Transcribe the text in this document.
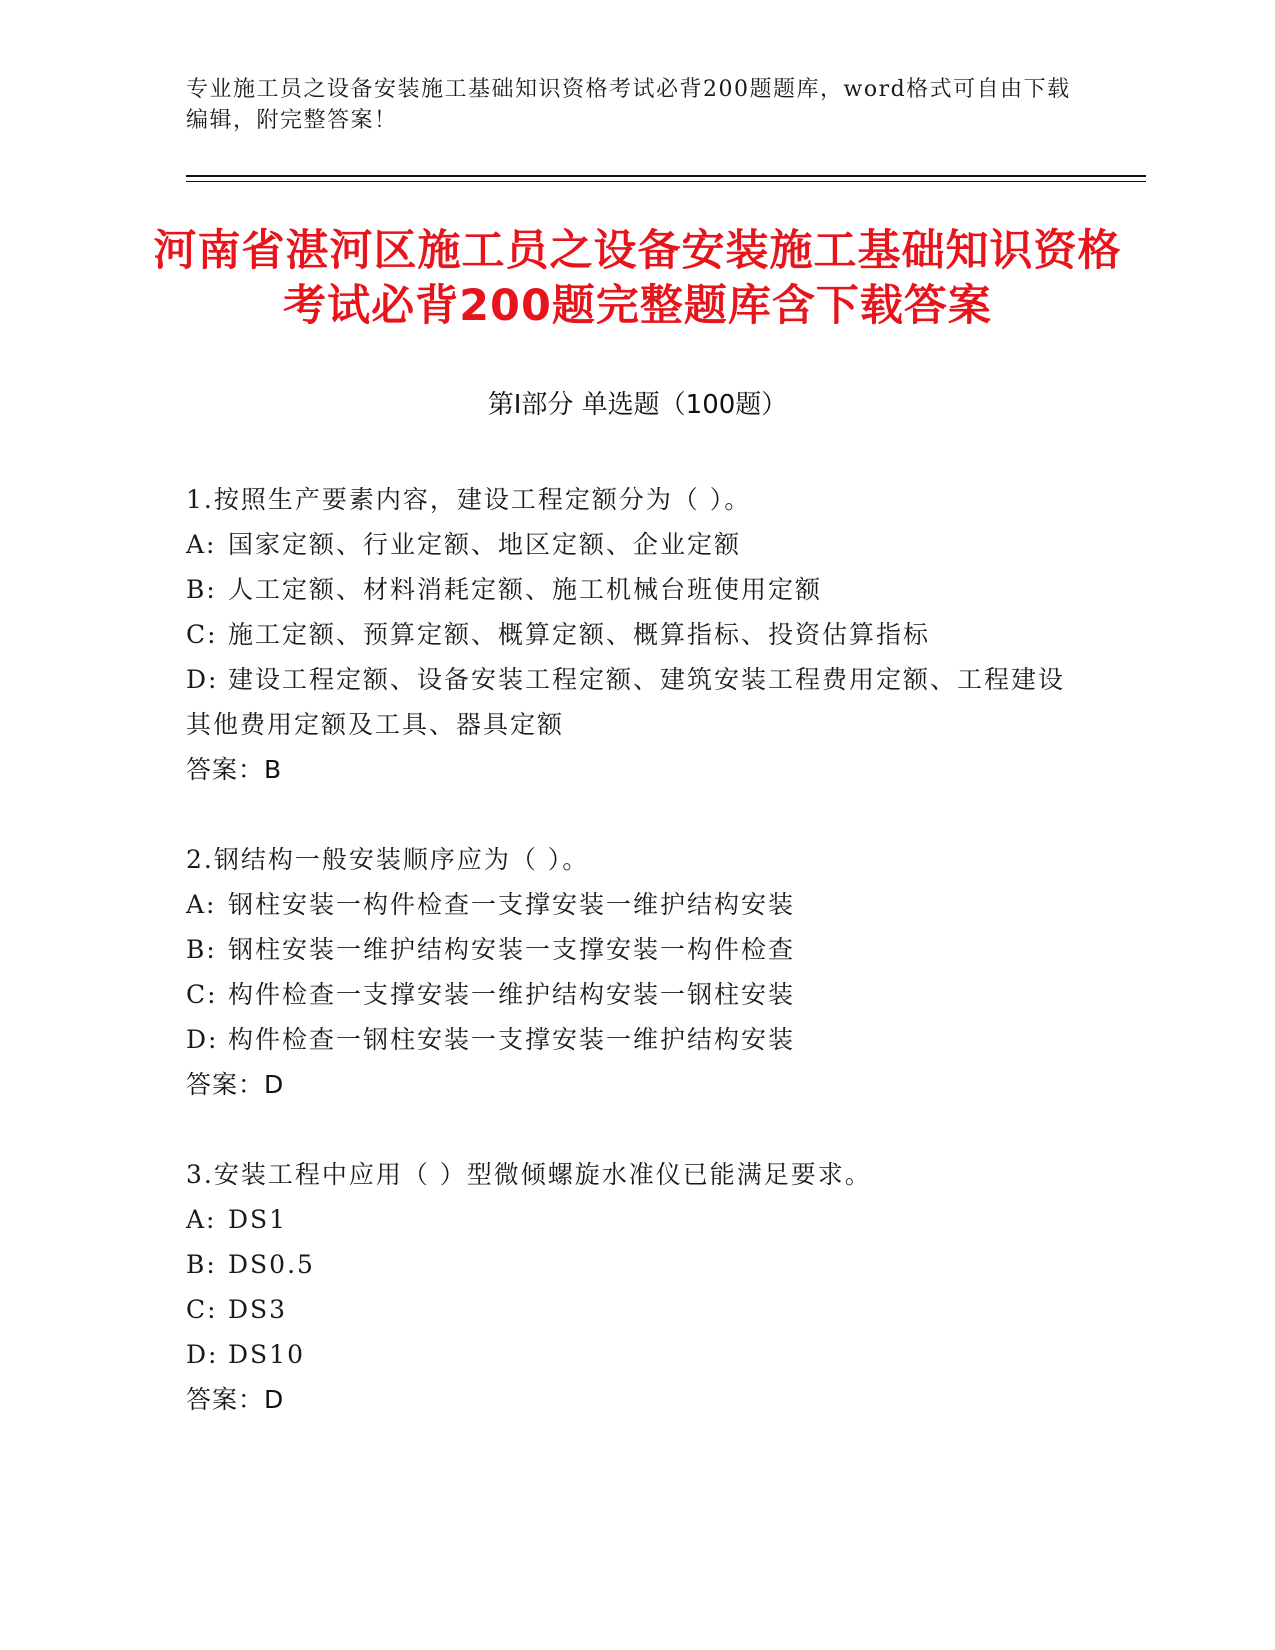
专业施工员之设备安装施工基础知识资格考试必背200题题库，word格式可自由下载编辑，附完整答案！
河南省湛河区施工员之设备安装施工基础知识资格考试必背200题完整题库含下载答案
第Ⅰ部分 单选题（100题）
1.按照生产要素内容，建设工程定额分为（ ）。
A: 国家定额、行业定额、地区定额、企业定额
B: 人工定额、材料消耗定额、施工机械台班使用定额
C: 施工定额、预算定额、概算定额、概算指标、投资估算指标
D: 建设工程定额、设备安装工程定额、建筑安装工程费用定额、工程建设其他费用定额及工具、器具定额
答案：B
2.钢结构一般安装顺序应为（ ）。
A: 钢柱安装一构件检查一支撑安装一维护结构安装
B: 钢柱安装一维护结构安装一支撑安装一构件检查
C: 构件检查一支撑安装一维护结构安装一钢柱安装
D: 构件检查一钢柱安装一支撑安装一维护结构安装
答案：D
3.安装工程中应用（ ）型微倾螺旋水准仪已能满足要求。
A: DS1
B: DS0.5
C: DS3
D: DS10
答案：D
